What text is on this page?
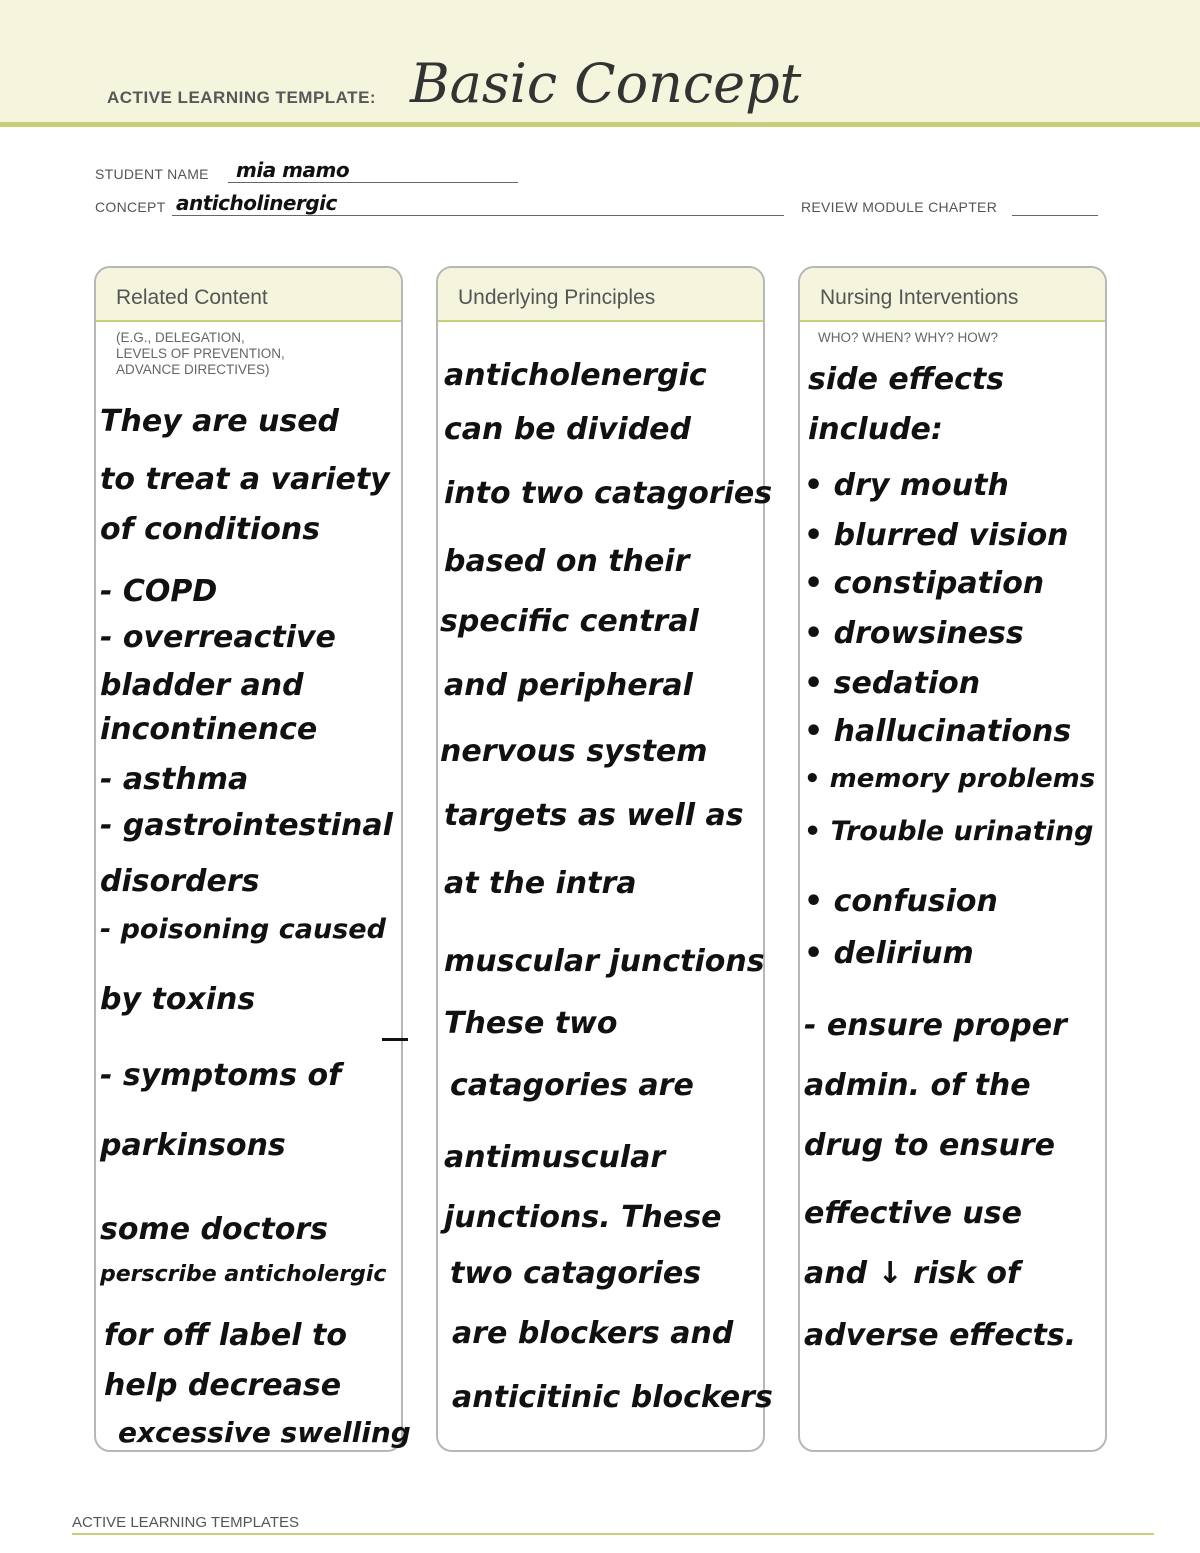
ACTIVE LEARNING TEMPLATE: Basic Concept
STUDENT NAME mia mamo
CONCEPT anticholinergic	REVIEW MODULE CHAPTER
Related Content
(E.G., DELEGATION,
LEVELS OF PREVENTION,
ADVANCE DIRECTIVES)
They are used
to treat a variety
of conditions
- COPD
- overreactive
bladder and
incontinence
- asthma
- gastrointestinal
disorders
- poisoning caused
by toxins
- symptoms of
parkinsons
some doctors
perscribe anticholergic
for off label to
help decrease
excessive swelling
Underlying Principles
anticholenergic
can be divided
into two catagories
based on their
specific central
and peripheral
nervous system
targets as well as
at the intra
muscular junctions
These two
catagories are
antimuscular
junctions. These
two catagories
are blockers and
anticitinic blockers
Nursing Interventions
WHO? WHEN? WHY? HOW?
side effects
include:
• dry mouth
• blurred vision
• constipation
• drowsiness
• sedation
• hallucinations
• memory problems
• Trouble urinating
• confusion
• delirium
- ensure proper
admin. of the
drug to ensure
effective use
and ↓ risk of
adverse effects.
ACTIVE LEARNING TEMPLATES
